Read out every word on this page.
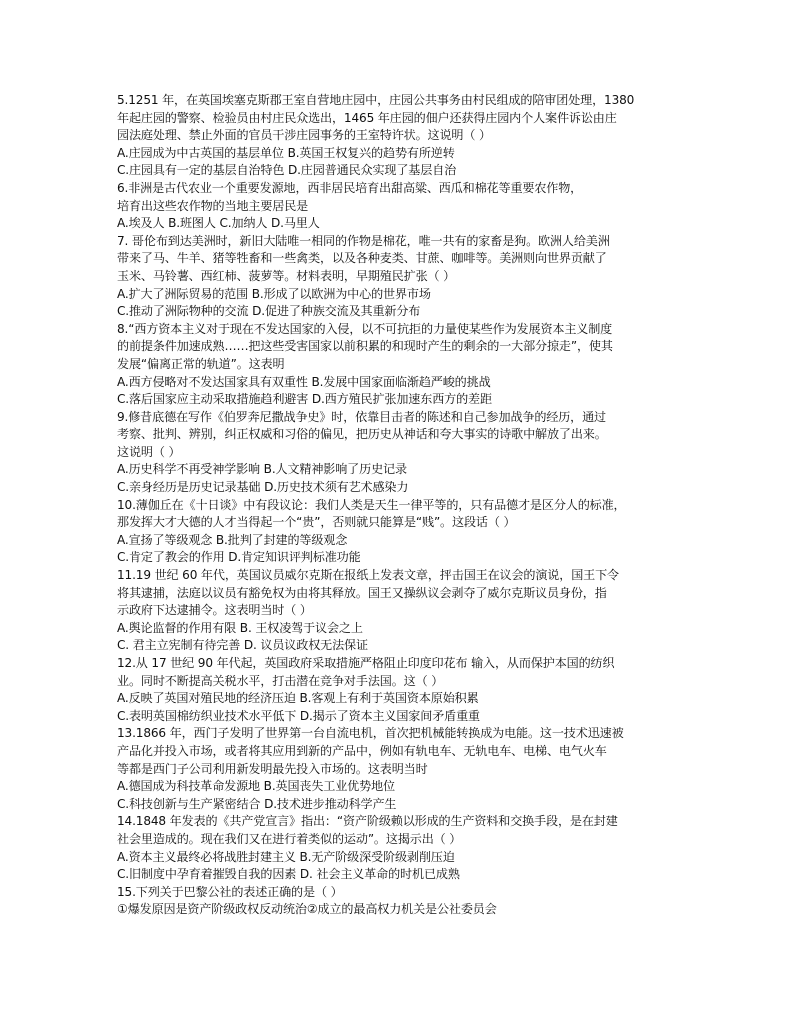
5.1251 年，在英国埃塞克斯郡王室自营地庄园中，庄园公共事务由村民组成的陪审团处理，1380
年起庄园的警察、检验员由村庄民众选出，1465 年庄园的佃户还获得庄园内个人案件诉讼由庄
园法庭处理、禁止外面的官员干涉庄园事务的王室特许状。这说明（ ）
A.庄园成为中古英国的基层单位 B.英国王权复兴的趋势有所逆转
C.庄园具有一定的基层自治特色 D.庄园普通民众实现了基层自治
6.非洲是古代农业一个重要发源地，西非居民培育出甜高粱、西瓜和棉花等重要农作物，
培育出这些农作物的当地主要居民是
A.埃及人 B.班图人 C.加纳人 D.马里人
7. 哥伦布到达美洲时，新旧大陆唯一相同的作物是棉花，唯一共有的家畜是狗。欧洲人给美洲
带来了马、牛羊、猪等牲畜和一些禽类，以及各种麦类、甘蔗、咖啡等。美洲则向世界贡献了
玉米、马铃薯、西红柿、菠萝等。材料表明，早期殖民扩张（ ）
A.扩大了洲际贸易的范围 B.形成了以欧洲为中心的世界市场
C.推动了洲际物种的交流 D.促进了种族交流及其重新分布
8.“西方资本主义对于现在不发达国家的入侵，以不可抗拒的力量使某些作为发展资本主义制度
的前提条件加速成熟……把这些受害国家以前积累的和现时产生的剩余的一大部分掠走”，使其
发展“偏离正常的轨道”。这表明
A.西方侵略对不发达国家具有双重性 B.发展中国家面临渐趋严峻的挑战
C.落后国家应主动采取措施趋利避害 D.西方殖民扩张加速东西方的差距
9.修昔底德在写作《伯罗奔尼撒战争史》时，依靠目击者的陈述和自己参加战争的经历，通过
考察、批判、辨别，纠正权威和习俗的偏见，把历史从神话和夸大事实的诗歌中解放了出来。
这说明（ ）
A.历史科学不再受神学影响 B.人文精神影响了历史记录
C.亲身经历是历史记录基础 D.历史技术须有艺术感染力
10.薄伽丘在《十日谈》中有段议论：我们人类是天生一律平等的，只有品德才是区分人的标准，
那发挥大才大德的人才当得起一个“贵”，否则就只能算是“贱”。这段话（ ）
A.宣扬了等级观念 B.批判了封建的等级观念
C.肯定了教会的作用 D.肯定知识评判标准功能
11.19 世纪 60 年代，英国议员威尔克斯在报纸上发表文章，抨击国王在议会的演说，国王下令
将其逮捕，法庭以议员有豁免权为由将其释放。国王又操纵议会剥夺了威尔克斯议员身份，指
示政府下达逮捕令。这表明当时（ ）
A.舆论监督的作用有限 B. 王权凌驾于议会之上
C. 君主立宪制有待完善 D. 议员议政权无法保证
12.从 17 世纪 90 年代起，英国政府采取措施严格阻止印度印花布 输入，从而保护本国的纺织
业。同时不断提高关税水平，打击潜在竞争对手法国。这（ ）
A.反映了英国对殖民地的经济压迫 B.客观上有利于英国资本原始积累
C.表明英国棉纺织业技术水平低下 D.揭示了资本主义国家间矛盾重重
13.1866 年，西门子发明了世界第一台自流电机，首次把机械能转换成为电能。这一技术迅速被
产品化并投入市场，或者将其应用到新的产品中，例如有轨电车、无轨电车、电梯、电气火车
等都是西门子公司利用新发明最先投入市场的。这表明当时
A.德国成为科技革命发源地 B.英国丧失工业优势地位
C.科技创新与生产紧密结合 D.技术进步推动科学产生
14.1848 年发表的《共产党宣言》指出：“资产阶级赖以形成的生产资料和交换手段，是在封建
社会里造成的。现在我们又在进行着类似的运动”。这揭示出（ ）
A.资本主义最终必将战胜封建主义 B.无产阶级深受阶级剥削压迫
C.旧制度中孕育着摧毁自我的因素 D. 社会主义革命的时机已成熟
15.下列关于巴黎公社的表述正确的是（ ）
①爆发原因是资产阶级政权反动统治②成立的最高权力机关是公社委员会
